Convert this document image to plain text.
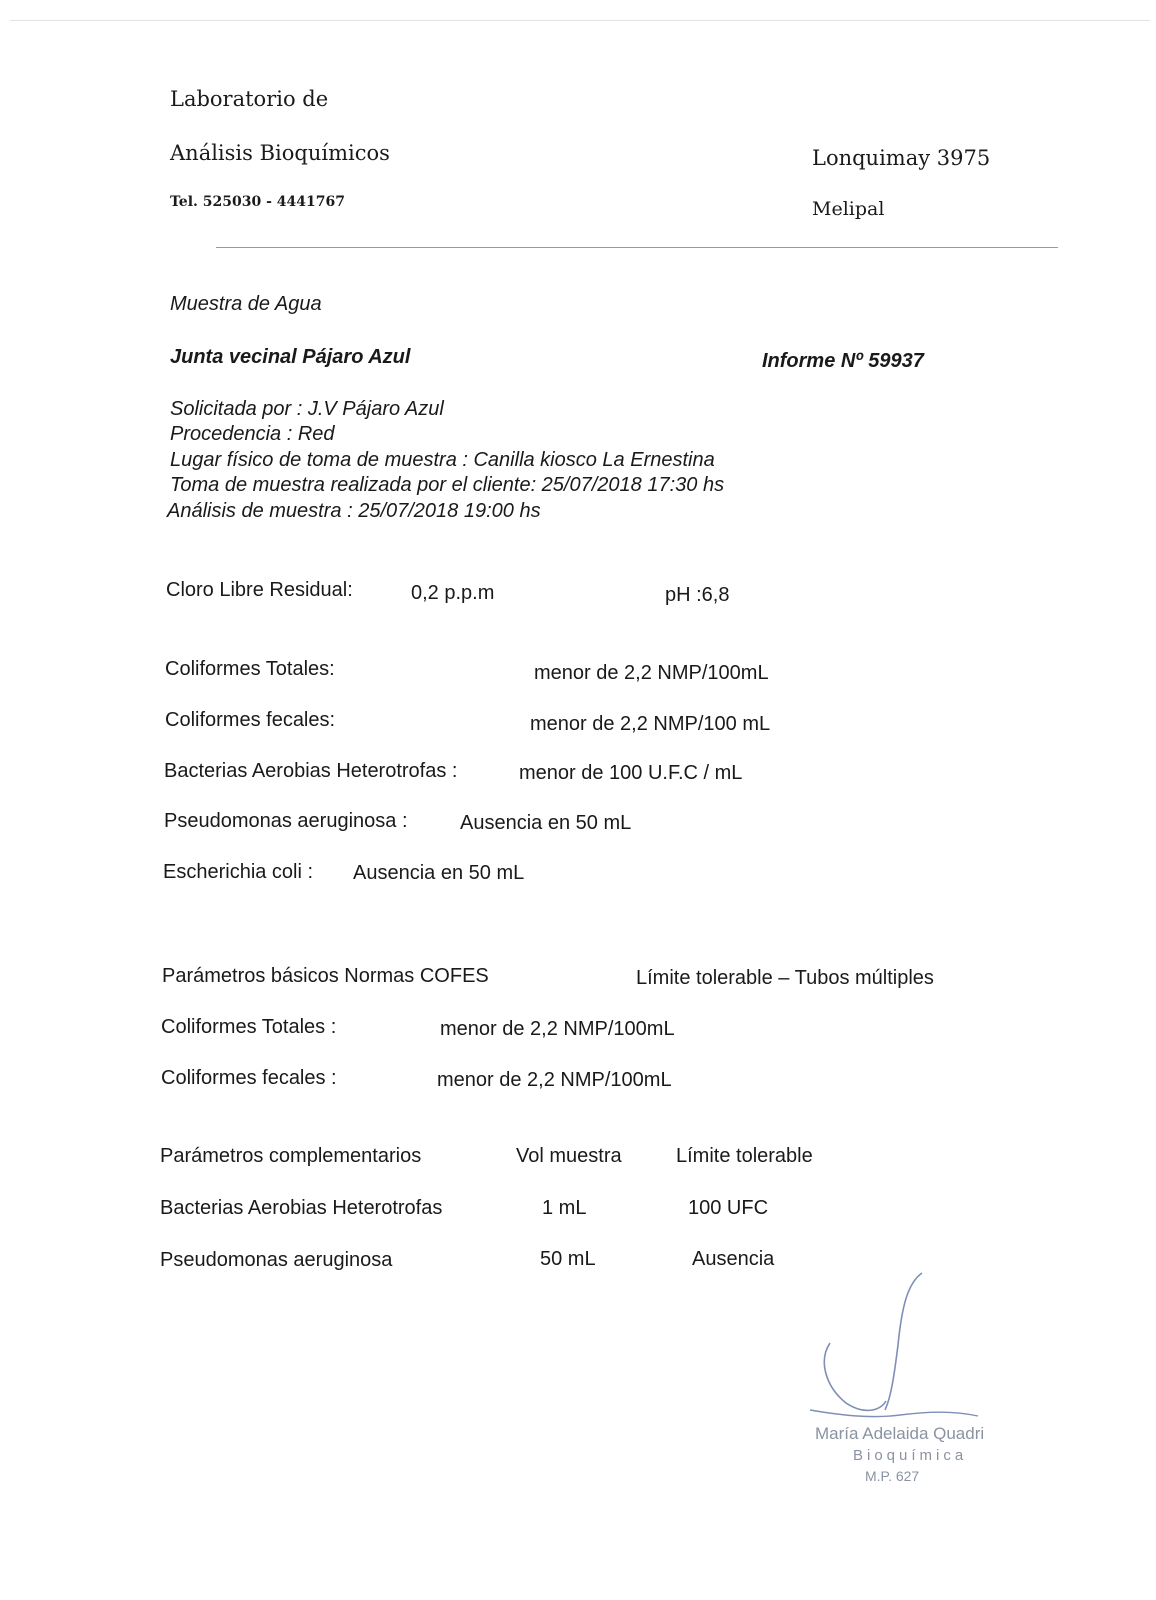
Laboratorio de
Análisis Bioquímicos
Tel. 525030 - 4441767
Lonquimay 3975
Melipal
Muestra de Agua
Junta vecinal Pájaro Azul	Informe Nº 59937
Solicitada por : J.V Pájaro Azul
Procedencia : Red
Lugar físico de toma de muestra : Canilla kiosco La Ernestina
Toma de muestra realizada por el cliente: 25/07/2018 17:30 hs
Análisis de muestra : 25/07/2018 19:00 hs
Cloro Libre Residual:	0,2 p.p.m	pH :6,8
Coliformes Totales:	menor de 2,2 NMP/100mL
Coliformes fecales:	menor de 2,2 NMP/100 mL
Bacterias Aerobias Heterotrofas :	menor de 100 U.F.C / mL
Pseudomonas aeruginosa :	Ausencia en 50 mL
Escherichia coli : Ausencia en 50 mL
Parámetros básicos Normas COFES	Límite tolerable – Tubos múltiples
Coliformes Totales :	menor de 2,2 NMP/100mL
Coliformes fecales :	menor de 2,2 NMP/100mL
Parámetros complementarios	Vol muestra	Límite tolerable
Bacterias Aerobias Heterotrofas	1 mL	100 UFC
Pseudomonas aeruginosa	50 mL	Ausencia
María Adelaida Quadri
Bioquímica
M.P. 627
